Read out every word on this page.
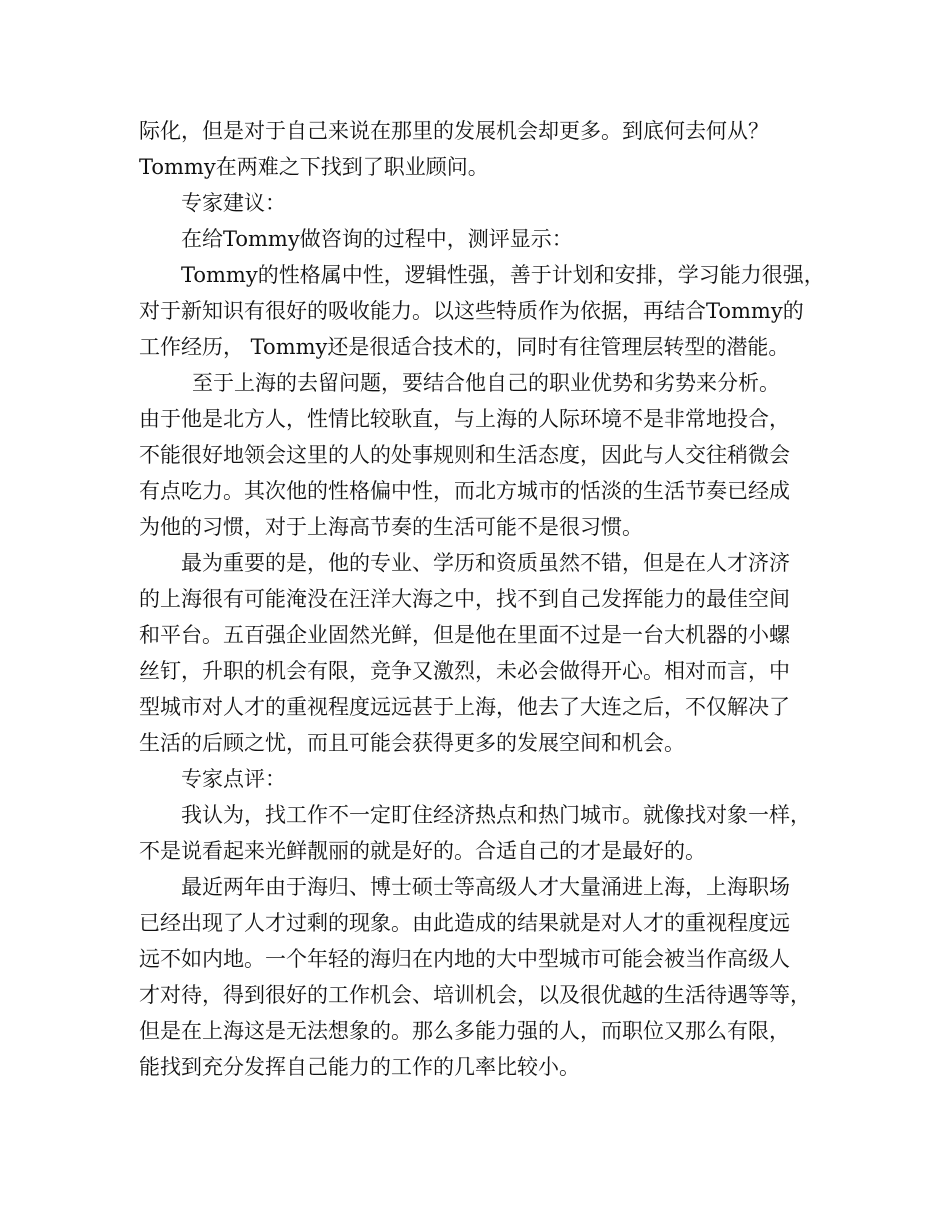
际化，但是对于自己来说在那里的发展机会却更多。到底何去何从？
Tommy在两难之下找到了职业顾问。
专家建议：
在给Tommy做咨询的过程中，测评显示：
Tommy的性格属中性，逻辑性强，善于计划和安排，学习能力很强，
对于新知识有很好的吸收能力。以这些特质作为依据，再结合Tommy的
工作经历， Tommy还是很适合技术的，同时有往管理层转型的潜能。
至于上海的去留问题，要结合他自己的职业优势和劣势来分析。
由于他是北方人，性情比较耿直，与上海的人际环境不是非常地投合，
不能很好地领会这里的人的处事规则和生活态度，因此与人交往稍微会
有点吃力。其次他的性格偏中性，而北方城市的恬淡的生活节奏已经成
为他的习惯，对于上海高节奏的生活可能不是很习惯。
最为重要的是，他的专业、学历和资质虽然不错，但是在人才济济
的上海很有可能淹没在汪洋大海之中，找不到自己发挥能力的最佳空间
和平台。五百强企业固然光鲜，但是他在里面不过是一台大机器的小螺
丝钉，升职的机会有限，竞争又激烈，未必会做得开心。相对而言，中
型城市对人才的重视程度远远甚于上海，他去了大连之后，不仅解决了
生活的后顾之忧，而且可能会获得更多的发展空间和机会。
专家点评：
我认为，找工作不一定盯住经济热点和热门城市。就像找对象一样，
不是说看起来光鲜靓丽的就是好的。合适自己的才是最好的。
最近两年由于海归、博士硕士等高级人才大量涌进上海，上海职场
已经出现了人才过剩的现象。由此造成的结果就是对人才的重视程度远
远不如内地。一个年轻的海归在内地的大中型城市可能会被当作高级人
才对待，得到很好的工作机会、培训机会，以及很优越的生活待遇等等，
但是在上海这是无法想象的。那么多能力强的人，而职位又那么有限，
能找到充分发挥自己能力的工作的几率比较小。
